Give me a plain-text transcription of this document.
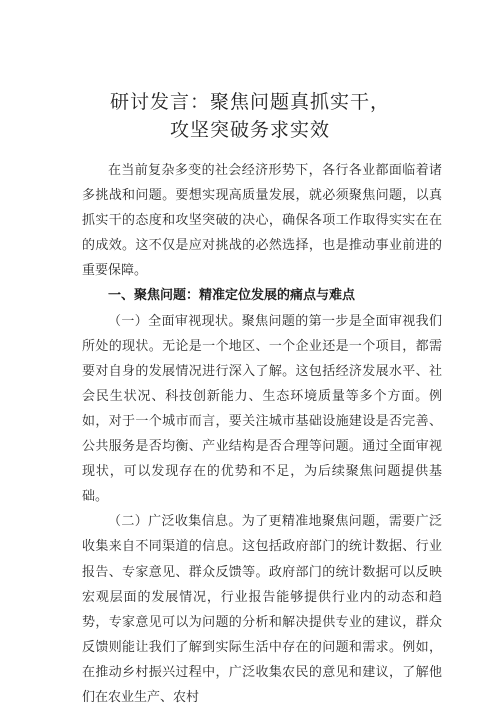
研讨发言：聚焦问题真抓实干，
攻坚突破务求实效

在当前复杂多变的社会经济形势下，各行各业都面临着诸多挑战和问题。要想实现高质量发展，就必须聚焦问题，以真抓实干的态度和攻坚突破的决心，确保各项工作取得实实在在的成效。这不仅是应对挑战的必然选择，也是推动事业前进的重要保障。

一、聚焦问题：精准定位发展的痛点与难点

（一）全面审视现状。聚焦问题的第一步是全面审视我们所处的现状。无论是一个地区、一个企业还是一个项目，都需要对自身的发展情况进行深入了解。这包括经济发展水平、社会民生状况、科技创新能力、生态环境质量等多个方面。例如，对于一个城市而言，要关注城市基础设施建设是否完善、公共服务是否均衡、产业结构是否合理等问题。通过全面审视现状，可以发现存在的优势和不足，为后续聚焦问题提供基础。

（二）广泛收集信息。为了更精准地聚焦问题，需要广泛收集来自不同渠道的信息。这包括政府部门的统计数据、行业报告、专家意见、群众反馈等。政府部门的统计数据可以反映宏观层面的发展情况，行业报告能够提供行业内的动态和趋势，专家意见可以为问题的分析和解决提供专业的建议，群众反馈则能让我们了解到实际生活中存在的问题和需求。例如，在推动乡村振兴过程中，广泛收集农民的意见和建议，了解他们在农业生产、农村
